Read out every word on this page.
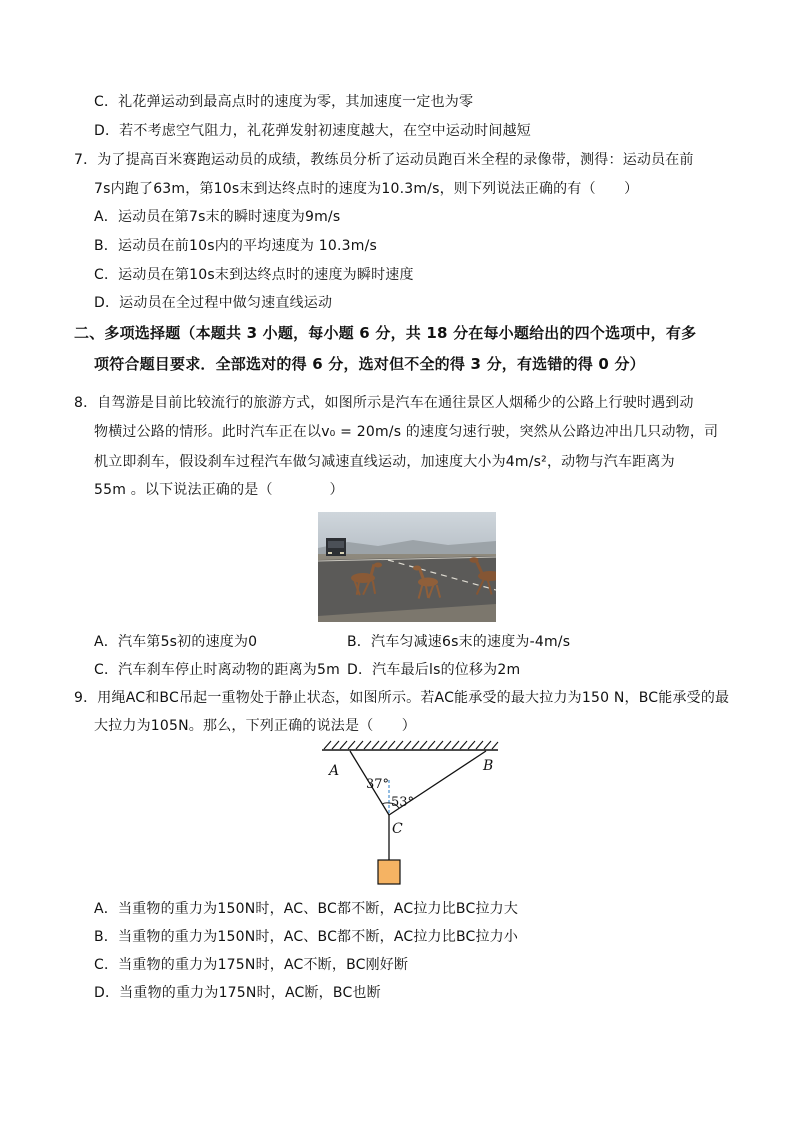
C．礼花弹运动到最高点时的速度为零，其加速度一定也为零
D．若不考虑空气阻力，礼花弹发射初速度越大，在空中运动时间越短
7．为了提高百米赛跑运动员的成绩，教练员分析了运动员跑百米全程的录像带，测得：运动员在前
7s内跑了63m，第10s末到达终点时的速度为10.3m/s，则下列说法正确的有（　　）
A．运动员在第7s末的瞬时速度为9m/s
B．运动员在前10s内的平均速度为 10.3m/s
C．运动员在第10s末到达终点时的速度为瞬时速度
D．运动员在全过程中做匀速直线运动
二、多项选择题（本题共 3 小题，每小题 6 分，共 18 分在每小题给出的四个选项中，有多
项符合题目要求．全部选对的得 6 分，选对但不全的得 3 分，有选错的得 0 分）
8．自驾游是目前比较流行的旅游方式，如图所示是汽车在通往景区人烟稀少的公路上行驶时遇到动
物横过公路的情形。此时汽车正在以v₀ = 20m/s 的速度匀速行驶，突然从公路边冲出几只动物，司
机立即刹车，假设刹车过程汽车做匀减速直线运动，加速度大小为4m/s²，动物与汽车距离为
55m 。以下说法正确的是（　　　　）
A．汽车第5s初的速度为0	B．汽车匀减速6s末的速度为-4m/s
C．汽车刹车停止时离动物的距离为5m D．汽车最后ls的位移为2m
9．用绳AC和BC吊起一重物处于静止状态，如图所示。若AC能承受的最大拉力为150 N，BC能承受的最
大拉力为105N。那么，下列正确的说法是（　　）
A	B
C
37°
53°
A．当重物的重力为150N时，AC、BC都不断，AC拉力比BC拉力大
B．当重物的重力为150N时，AC、BC都不断，AC拉力比BC拉力小
C．当重物的重力为175N时，AC不断，BC刚好断
D．当重物的重力为175N时，AC断，BC也断
